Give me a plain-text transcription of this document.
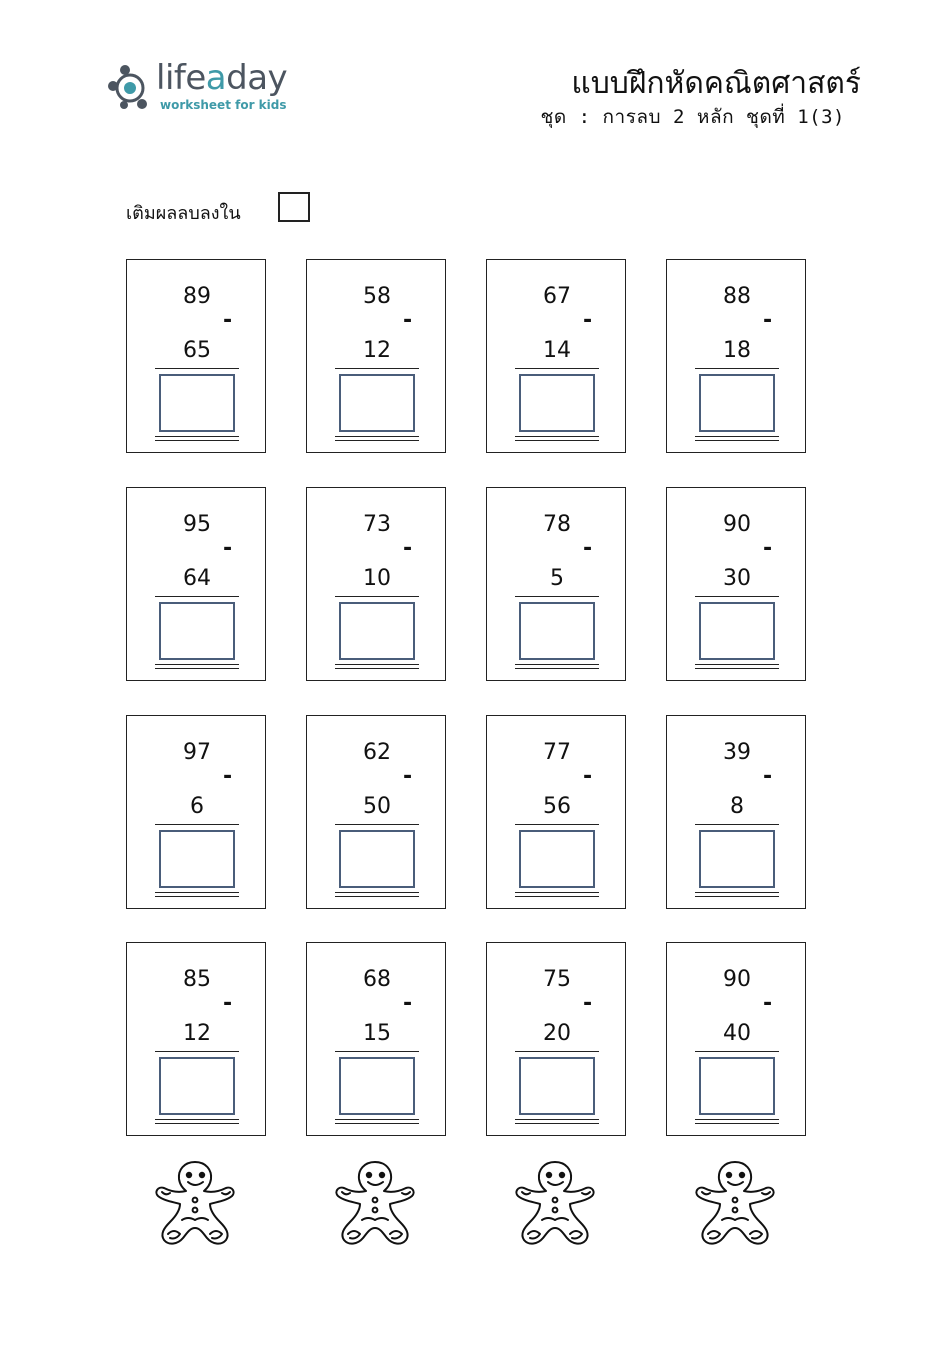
lifeaday
worksheet for kids
แบบฝึกหัดคณิตศาสตร์
ชุด : การลบ 2 หลัก ชุดที่ 1(3)
เติมผลลบลงใน
89
-
65
58
-
12
67
-
14
88
-
18
95
-
64
73
-
10
78
-
5
90
-
30
97
-
6
62
-
50
77
-
56
39
-
8
85
-
12
68
-
15
75
-
20
90
-
40
